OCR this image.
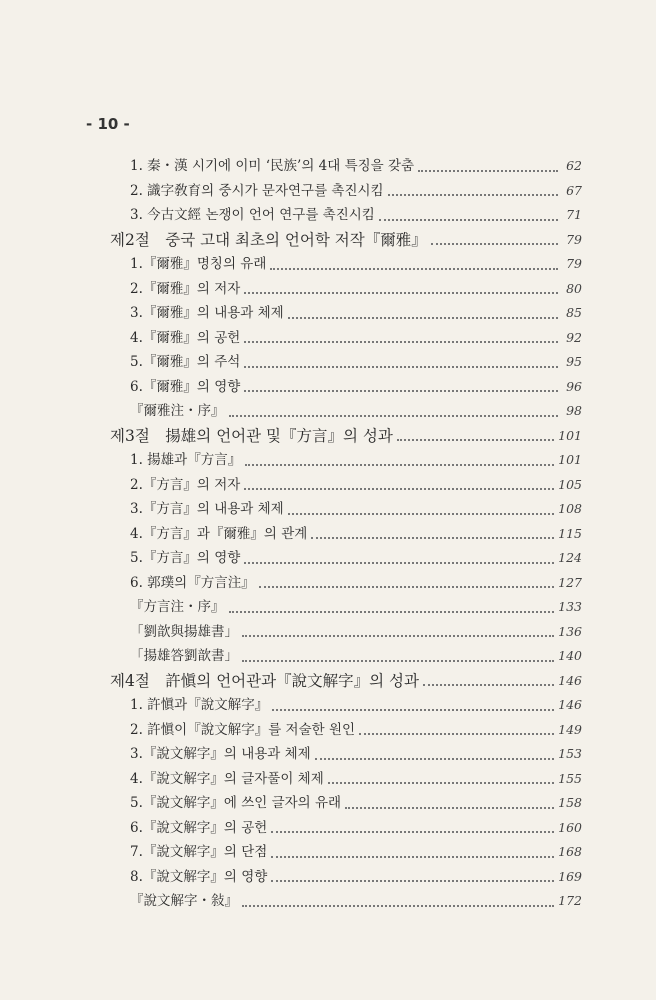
- 10 -
1. 秦・漢 시기에 이미 ‘民族’의 4대 특징을 갖춤	62
2. 識字敎育의 중시가 문자연구를 촉진시킴	67
3. 今古文經 논쟁이 언어 연구를 촉진시킴	71
제2절　중국 고대 최초의 언어학 저작『爾雅』	79
1.『爾雅』명칭의 유래	79
2.『爾雅』의 저자	80
3.『爾雅』의 내용과 체제	85
4.『爾雅』의 공헌	92
5.『爾雅』의 주석	95
6.『爾雅』의 영향	96
『爾雅注・序』	98
제3절　揚雄의 언어관 및『方言』의 성과	101
1. 揚雄과『方言』	101
2.『方言』의 저자	105
3.『方言』의 내용과 체제	108
4.『方言』과『爾雅』의 관계	115
5.『方言』의 영향	124
6. 郭璞의『方言注』	127
『方言注・序』	133
「劉歆與揚雄書」	136
「揚雄答劉歆書」	140
제4절　許愼의 언어관과『說文解字』의 성과	146
1. 許愼과『說文解字』	146
2. 許愼이『說文解字』를 저술한 원인	149
3.『說文解字』의 내용과 체제	153
4.『說文解字』의 글자풀이 체제	155
5.『說文解字』에 쓰인 글자의 유래	158
6.『說文解字』의 공헌	160
7.『說文解字』의 단점	168
8.『說文解字』의 영향	169
『說文解字・敍』	172
